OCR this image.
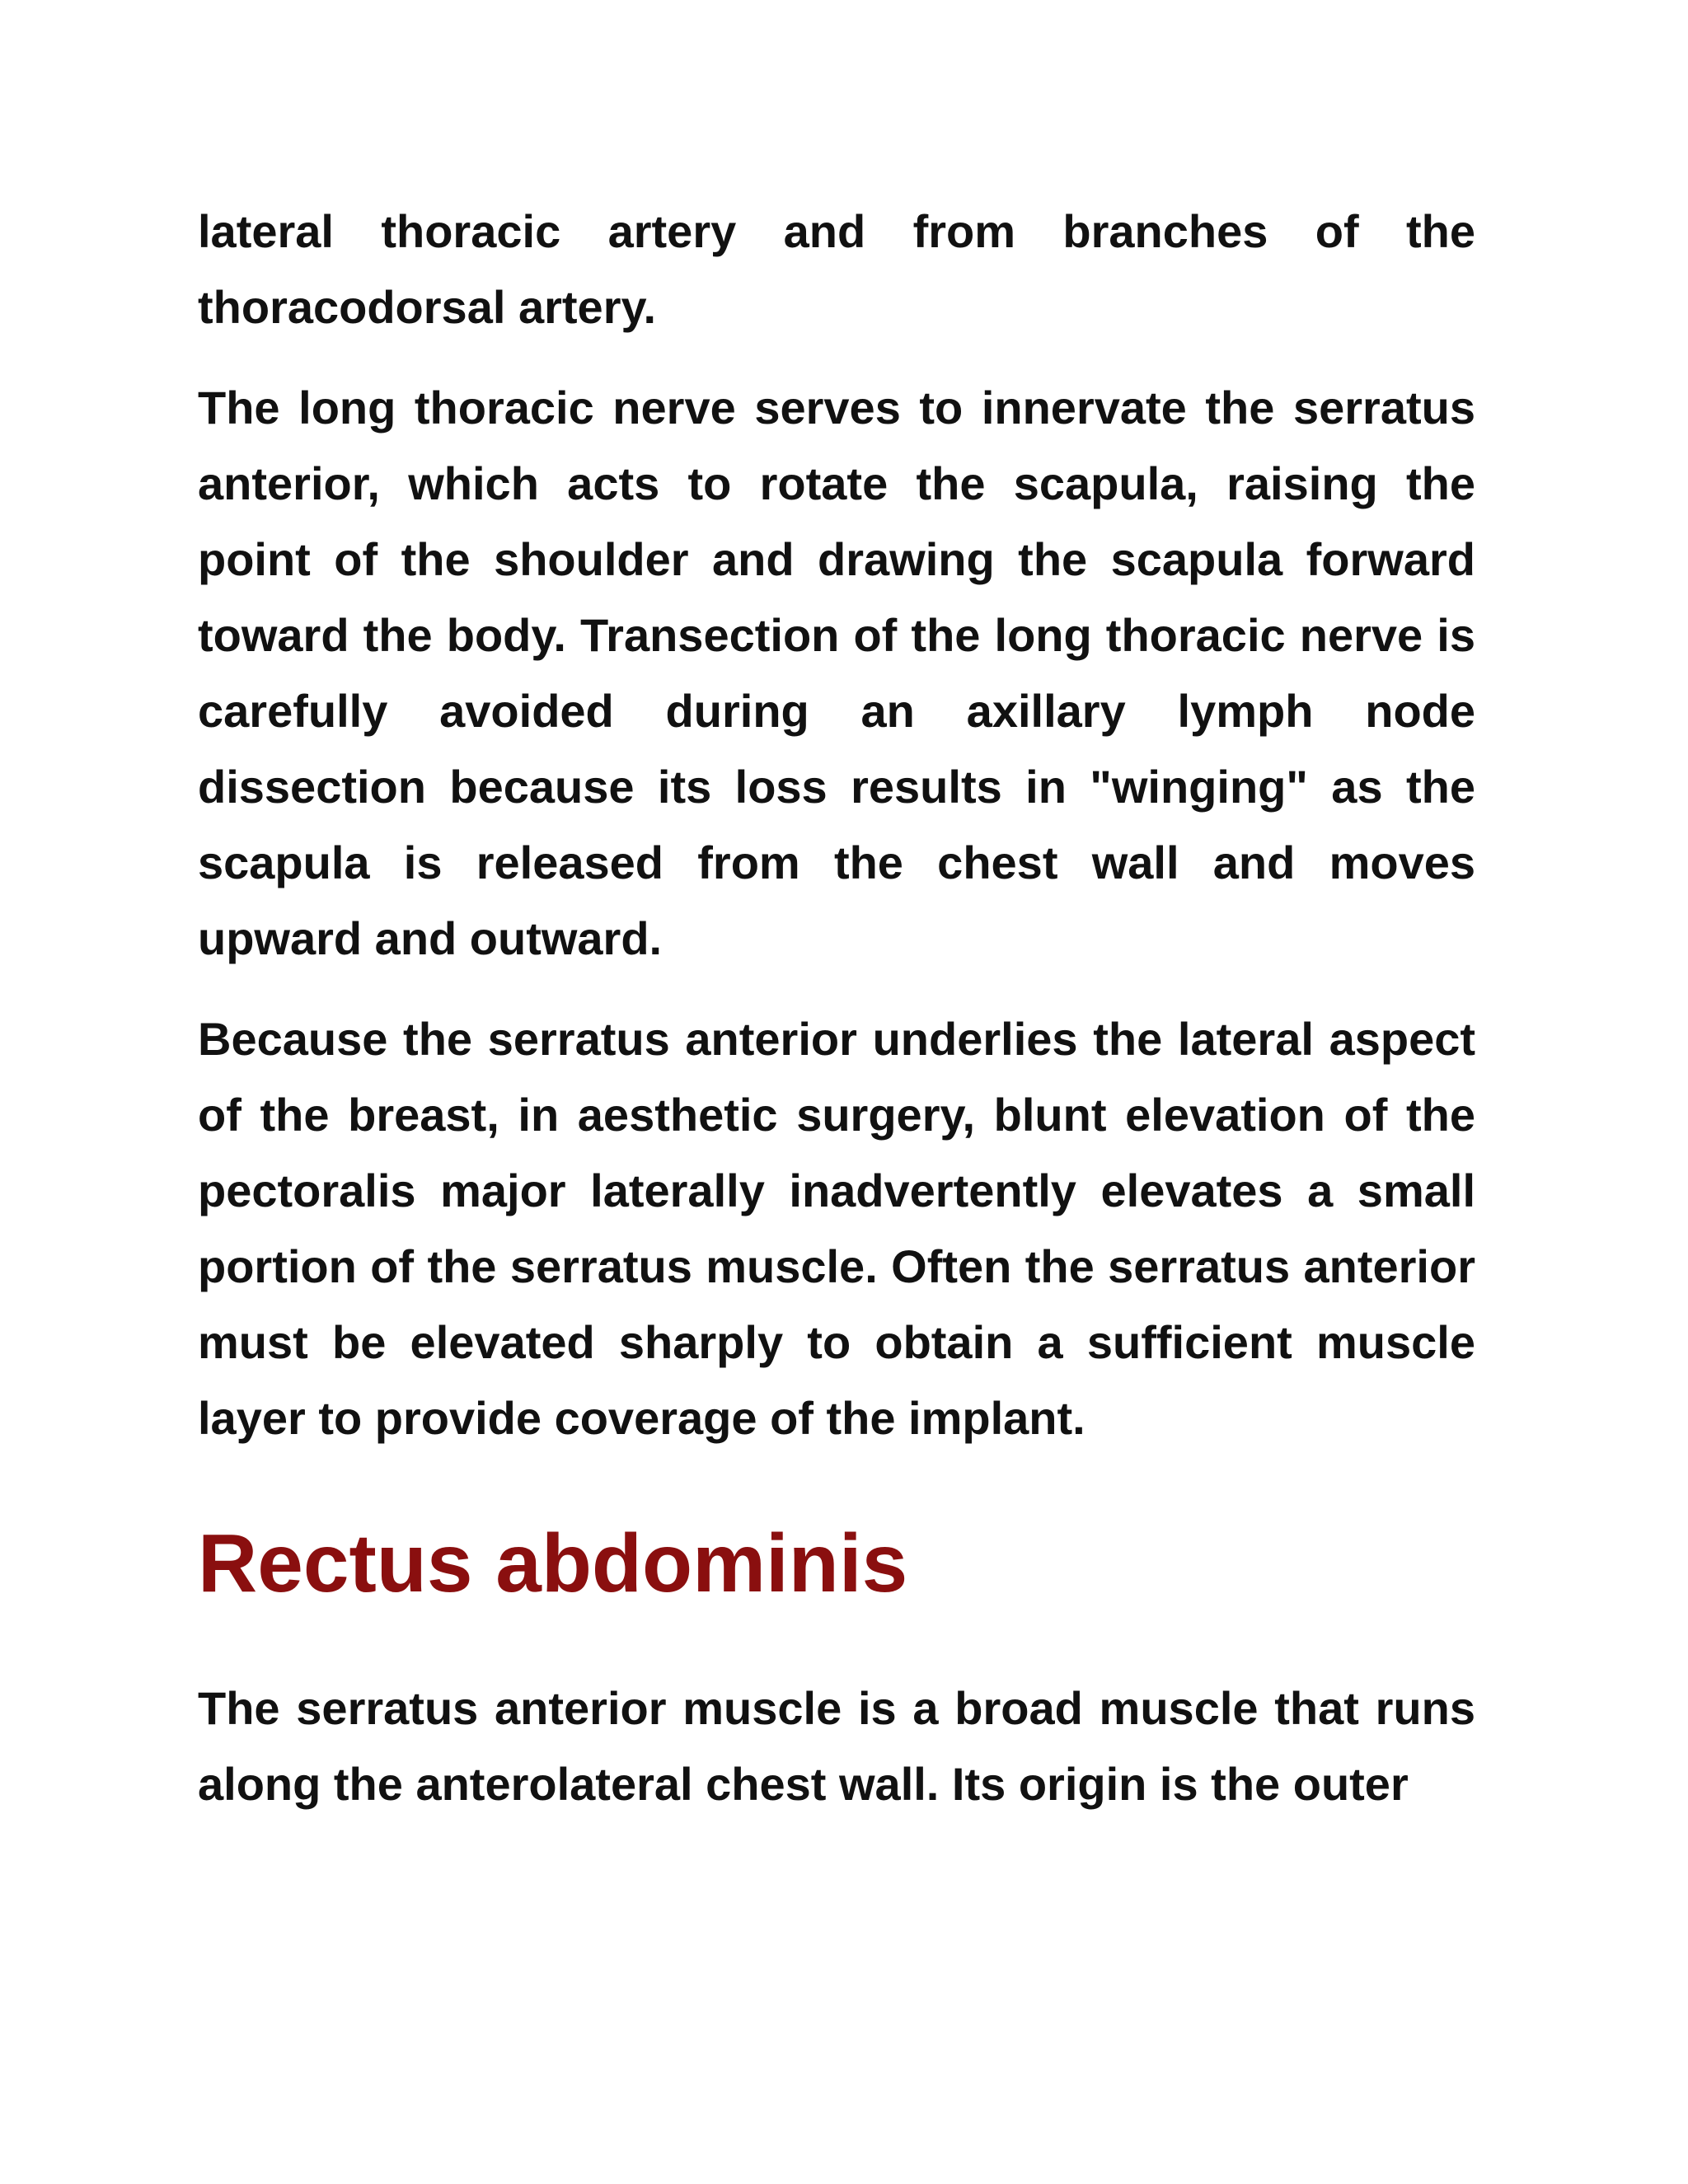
lateral thoracic artery and from branches of the thoracodorsal artery.

The long thoracic nerve serves to innervate the serratus anterior, which acts to rotate the scapula, raising the point of the shoulder and drawing the scapula forward toward the body. Transection of the long thoracic nerve is carefully avoided during an axillary lymph node dissection because its loss results in "winging" as the scapula is released from the chest wall and moves upward and outward.

Because the serratus anterior underlies the lateral aspect of the breast, in aesthetic surgery, blunt elevation of the pectoralis major laterally inadvertently elevates a small portion of the serratus muscle. Often the serratus anterior must be elevated sharply to obtain a sufficient muscle layer to provide coverage of the implant.

Rectus abdominis

The serratus anterior muscle is a broad muscle that runs along the anterolateral chest wall. Its origin is the outer
